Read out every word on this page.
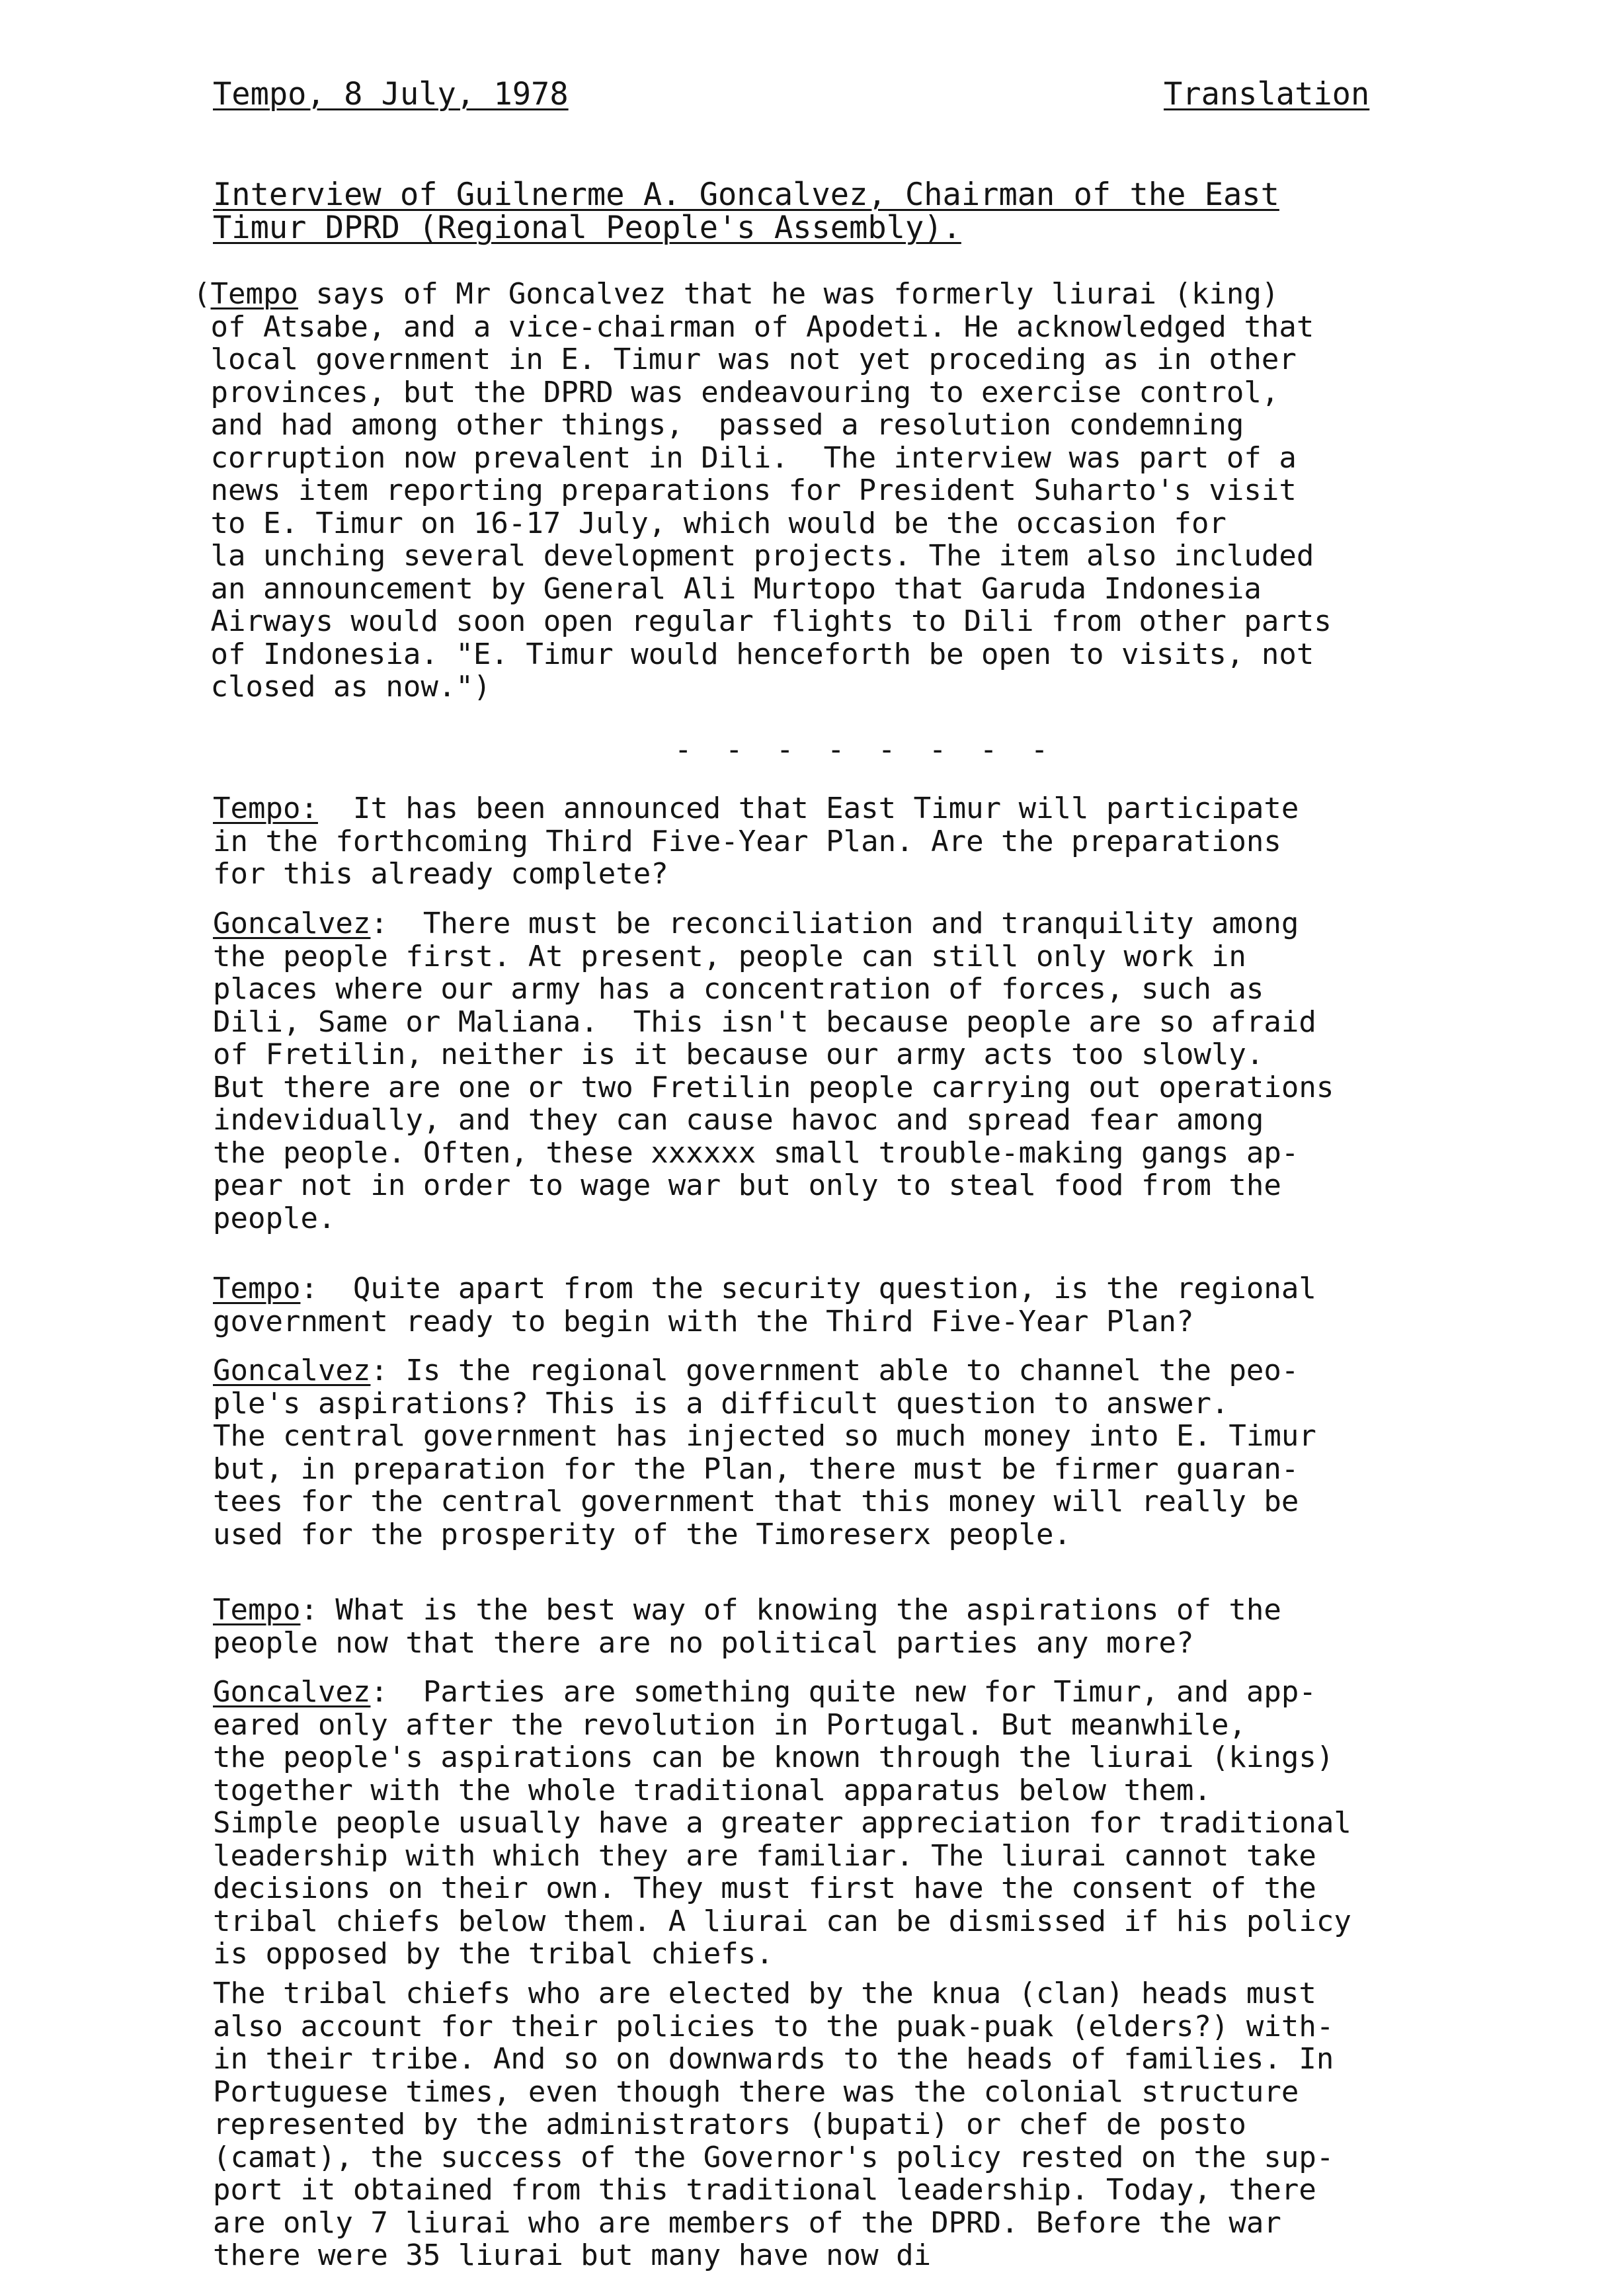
Tempo, 8 July, 1978	Translation
Interview of Guilnerme A. Goncalvez, Chairman of the East
Timur DPRD (Regional People's Assembly).
(Tempo says of Mr Goncalvez that he was formerly liurai (king)
of Atsabe, and a vice-chairman of Apodeti. He acknowledged that
local government in E. Timur was not yet proceding as in other
provinces, but the DPRD was endeavouring to exercise control,
and had among other things,  passed a resolution condemning
corruption now prevalent in Dili.  The interview was part of a
news item reporting preparations for President Suharto's visit
to E. Timur on 16-17 July, which would be the occasion for
la unching several development projects. The item also included
an announcement by General Ali Murtopo that Garuda Indonesia
Airways would soon open regular flights to Dili from other parts
of Indonesia. "E. Timur would henceforth be open to visits, not
closed as now.")
- - - - - - - -
Tempo:  It has been announced that East Timur will participate
in the forthcoming Third Five-Year Plan. Are the preparations
for this already complete?
Goncalvez:  There must be reconciliation and tranquility among
the people first. At present, people can still only work in
places where our army has a concentration of forces, such as
Dili, Same or Maliana.  This isn't because people are so afraid
of Fretilin, neither is it because our army acts too slowly.
But there are one or two Fretilin people carrying out operations
indevidually, and they can cause havoc and spread fear among
the people. Often, these xxxxxx small trouble-making gangs ap-
pear not in order to wage war but only to steal food from the
people.
Tempo:  Quite apart from the security question, is the regional
government ready to begin with the Third Five-Year Plan?
Goncalvez: Is the regional government able to channel the peo-
ple's aspirations? This is a difficult question to answer.
The central government has injected so much money into E. Timur
but, in preparation for the Plan, there must be firmer guaran-
tees for the central government that this money will really be
used for the prosperity of the Timoreserx people.
Tempo: What is the best way of knowing the aspirations of the
people now that there are no political parties any more?
Goncalvez:  Parties are something quite new for Timur, and app-
eared only after the revolution in Portugal. But meanwhile,
the people's aspirations can be known through the liurai (kings)
together with the whole traditional apparatus below them.
Simple people usually have a greater appreciation for traditional
leadership with which they are familiar. The liurai cannot take
decisions on their own. They must first have the consent of the
tribal chiefs below them. A liurai can be dismissed if his policy
is opposed by the tribal chiefs.
The tribal chiefs who are elected by the knua (clan) heads must
also account for their policies to the puak-puak (elders?) with-
in their tribe. And so on downwards to the heads of families. In
Portuguese times, even though there was the colonial structure
represented by the administrators (bupati) or chef de posto
(camat), the success of the Governor's policy rested on the sup-
port it obtained from this traditional leadership. Today, there
are only 7 liurai who are members of the DPRD. Before the war
there were 35 liurai but many have now di
